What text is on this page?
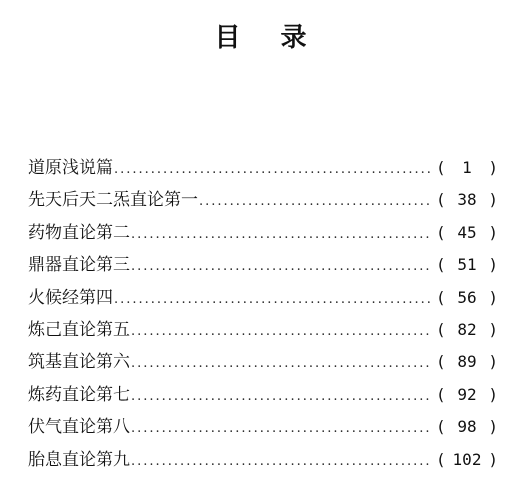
目录
道原浅说篇 .....	(	1	)
先天后天二炁直论第一 .....	( 38 )
药物直论第二 .....	( 45 )
鼎器直论第三 .....	( 51 )
火候经第四 .....	( 56 )
炼己直论第五 .....	( 82 )
筑基直论第六 .....	( 89 )
炼药直论第七 .....	( 92 )
伏气直论第八 .....	( 98 )
胎息直论第九 .....	( 102 )
